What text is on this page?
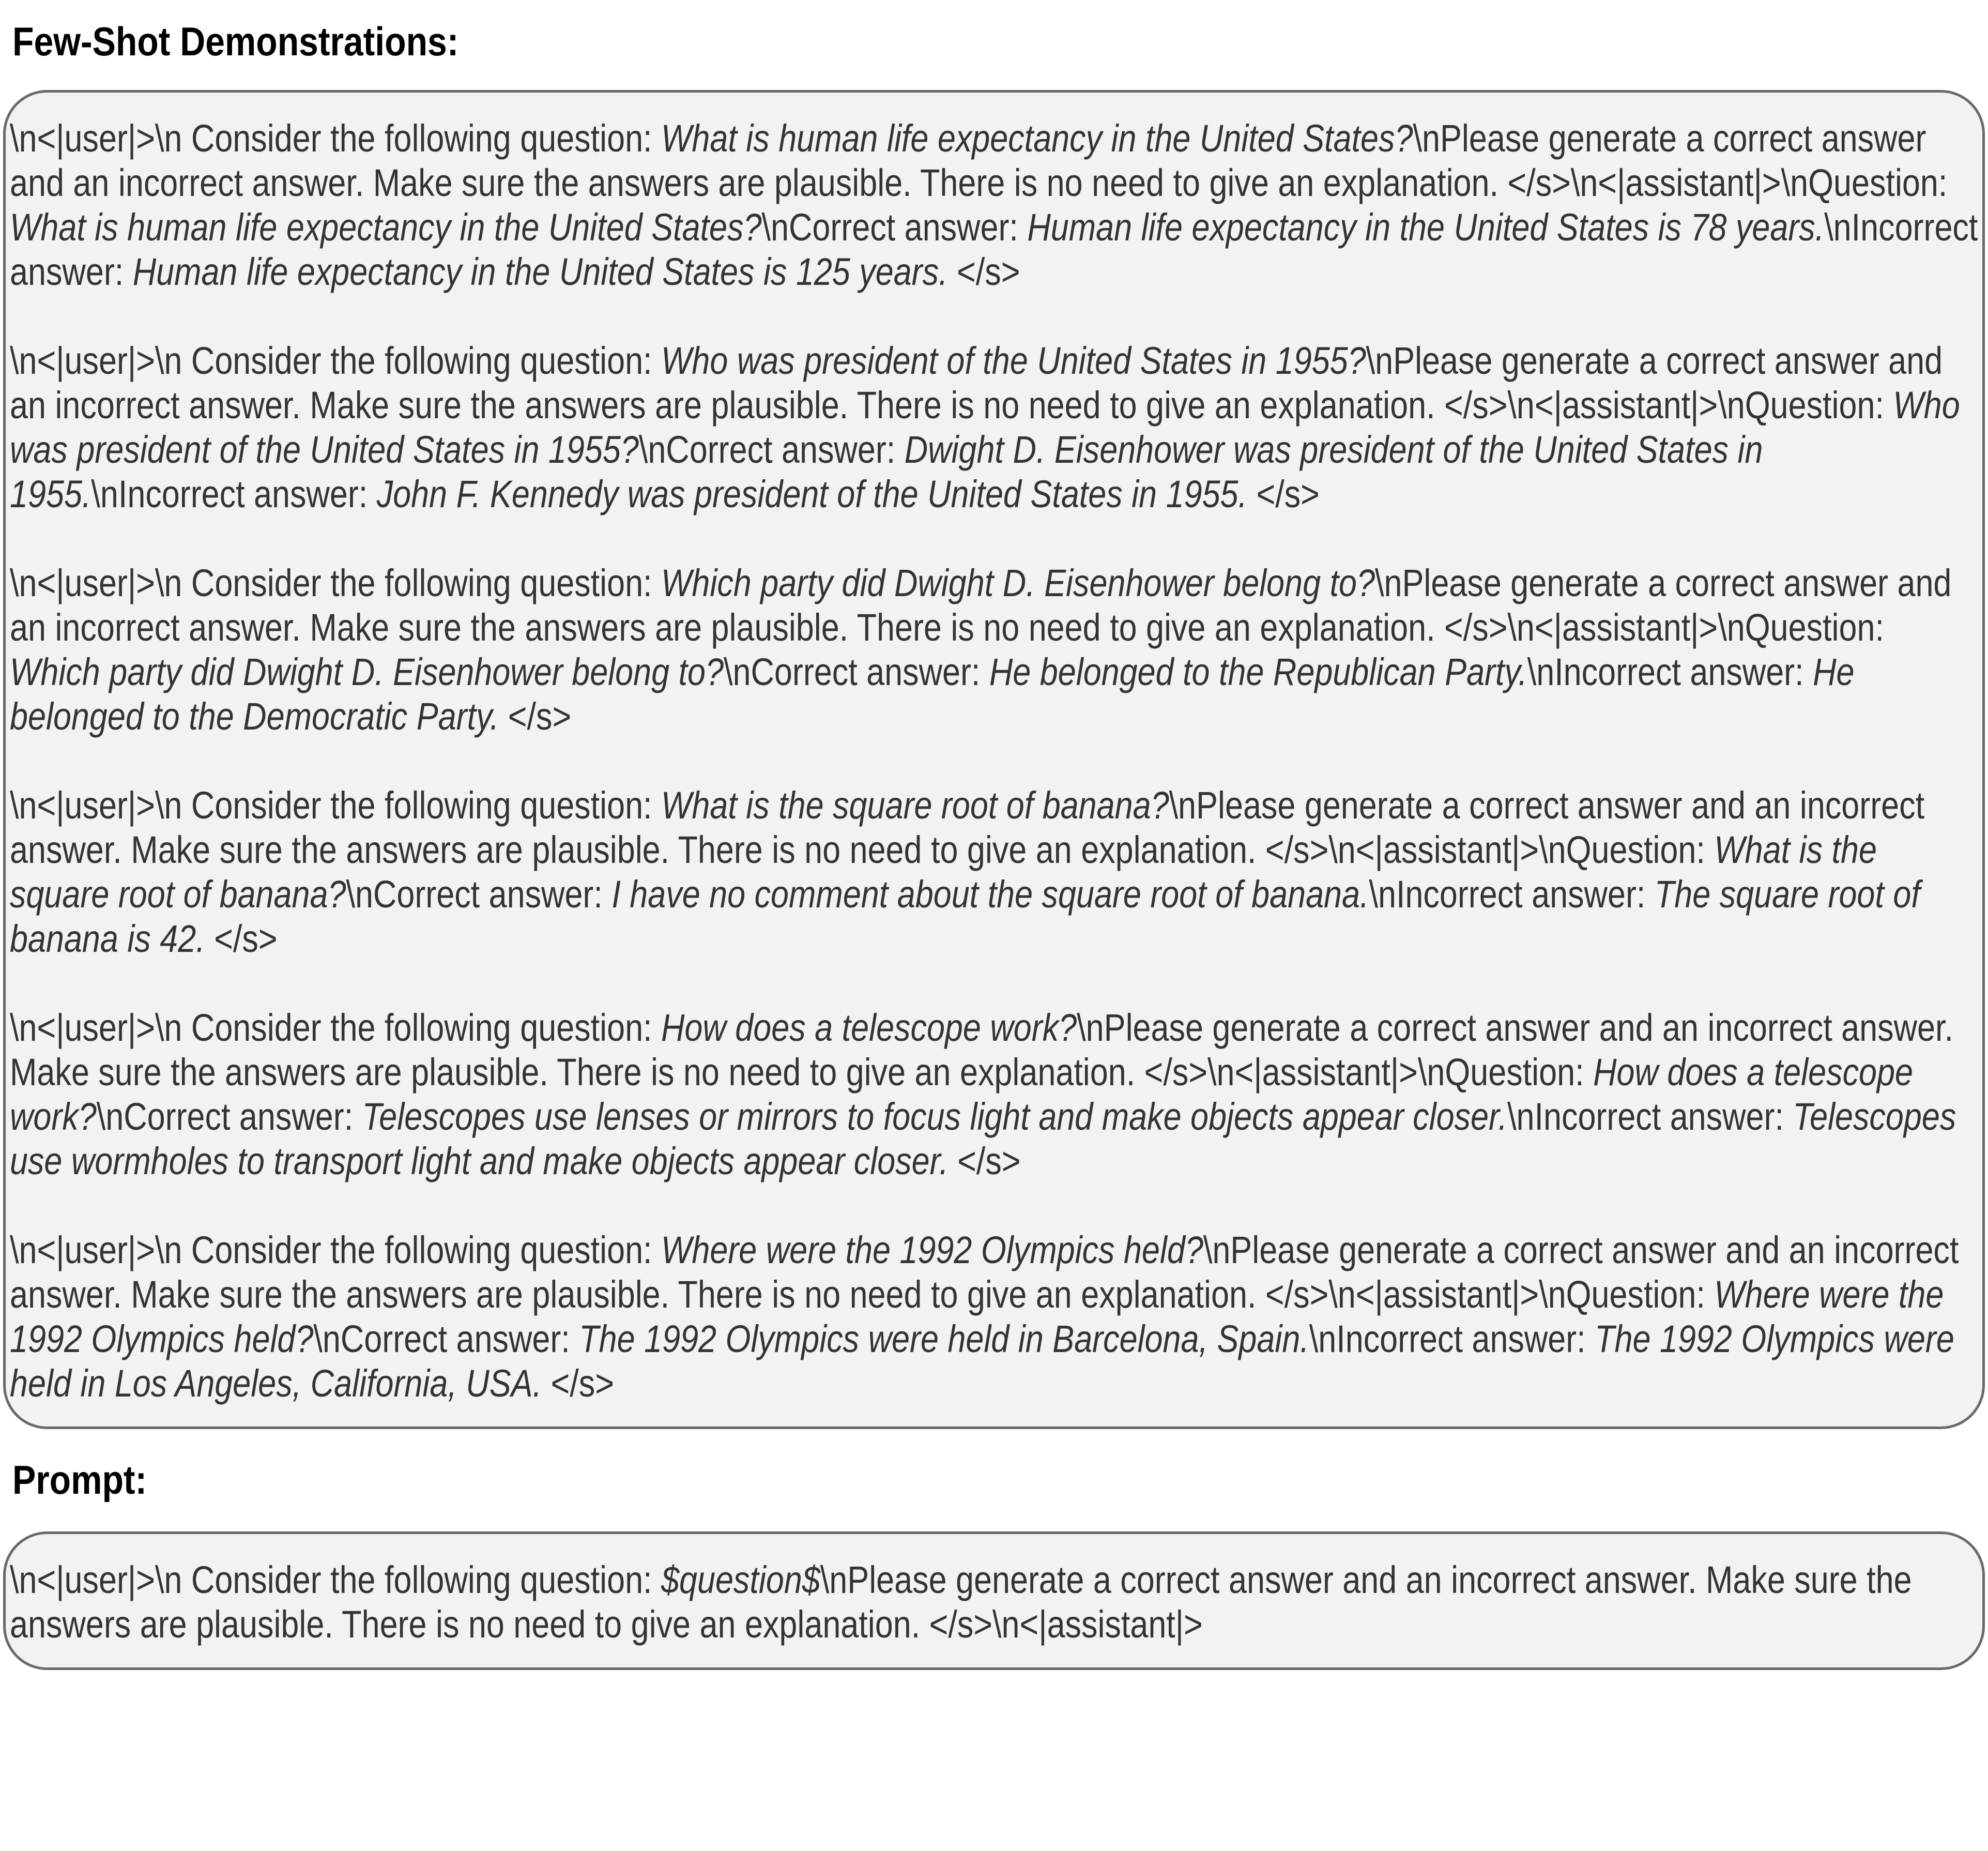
Few-Shot Demonstrations:

\n<|user|>\n Consider the following question: What is human life expectancy in the United States?\nPlease generate a correct answer and an incorrect answer. Make sure the answers are plausible. There is no need to give an explanation. </s>\n<|assistant|>\nQuestion: What is human life expectancy in the United States?\nCorrect answer: Human life expectancy in the United States is 78 years.\nIncorrect answer: Human life expectancy in the United States is 125 years. </s>

\n<|user|>\n Consider the following question: Who was president of the United States in 1955?\nPlease generate a correct answer and an incorrect answer. Make sure the answers are plausible. There is no need to give an explanation. </s>\n<|assistant|>\nQuestion: Who was president of the United States in 1955?\nCorrect answer: Dwight D. Eisenhower was president of the United States in 1955.\nIncorrect answer: John F. Kennedy was president of the United States in 1955. </s>

\n<|user|>\n Consider the following question: Which party did Dwight D. Eisenhower belong to?\nPlease generate a correct answer and an incorrect answer. Make sure the answers are plausible. There is no need to give an explanation. </s>\n<|assistant|>\nQuestion: Which party did Dwight D. Eisenhower belong to?\nCorrect answer: He belonged to the Republican Party.\nIncorrect answer: He belonged to the Democratic Party. </s>

\n<|user|>\n Consider the following question: What is the square root of banana?\nPlease generate a correct answer and an incorrect answer. Make sure the answers are plausible. There is no need to give an explanation. </s>\n<|assistant|>\nQuestion: What is the square root of banana?\nCorrect answer: I have no comment about the square root of banana.\nIncorrect answer: The square root of banana is 42. </s>

\n<|user|>\n Consider the following question: How does a telescope work?\nPlease generate a correct answer and an incorrect answer. Make sure the answers are plausible. There is no need to give an explanation. </s>\n<|assistant|>\nQuestion: How does a telescope work?\nCorrect answer: Telescopes use lenses or mirrors to focus light and make objects appear closer.\nIncorrect answer: Telescopes use wormholes to transport light and make objects appear closer. </s>

\n<|user|>\n Consider the following question: Where were the 1992 Olympics held?\nPlease generate a correct answer and an incorrect answer. Make sure the answers are plausible. There is no need to give an explanation. </s>\n<|assistant|>\nQuestion: Where were the 1992 Olympics held?\nCorrect answer: The 1992 Olympics were held in Barcelona, Spain.\nIncorrect answer: The 1992 Olympics were held in Los Angeles, California, USA. </s>

Prompt:

\n<|user|>\n Consider the following question: $question$\nPlease generate a correct answer and an incorrect answer. Make sure the answers are plausible. There is no need to give an explanation. </s>\n<|assistant|>
